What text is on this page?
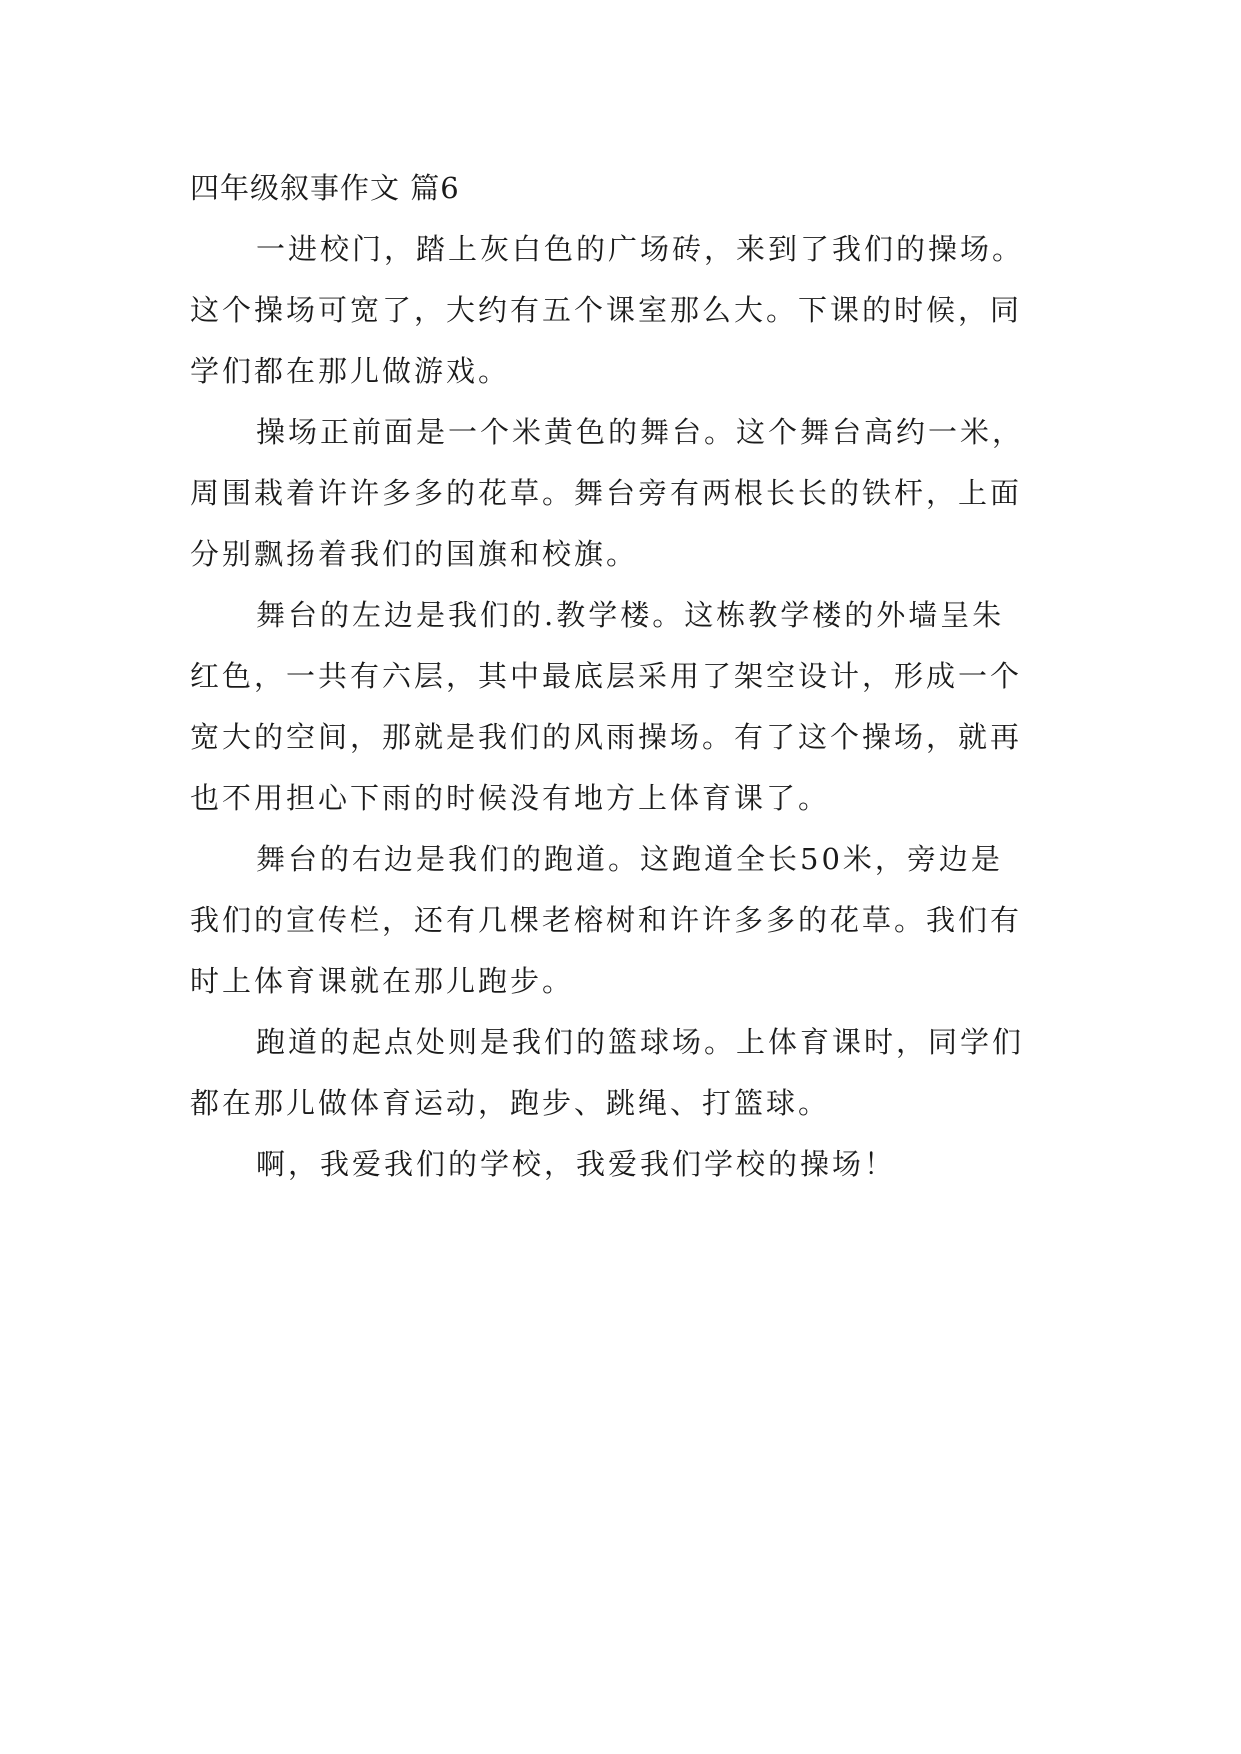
四年级叙事作文 篇6
一进校门，踏上灰白色的广场砖，来到了我们的操场。
这个操场可宽了，大约有五个课室那么大。下课的时候，同
学们都在那儿做游戏。
操场正前面是一个米黄色的舞台。这个舞台高约一米，
周围栽着许许多多的花草。舞台旁有两根长长的铁杆，上面
分别飘扬着我们的国旗和校旗。
舞台的左边是我们的.教学楼。这栋教学楼的外墙呈朱
红色，一共有六层，其中最底层采用了架空设计，形成一个
宽大的空间，那就是我们的风雨操场。有了这个操场，就再
也不用担心下雨的时候没有地方上体育课了。
舞台的右边是我们的跑道。这跑道全长50米，旁边是
我们的宣传栏，还有几棵老榕树和许许多多的花草。我们有
时上体育课就在那儿跑步。
跑道的起点处则是我们的篮球场。上体育课时，同学们
都在那儿做体育运动，跑步、跳绳、打篮球。
啊，我爱我们的学校，我爱我们学校的操场！
